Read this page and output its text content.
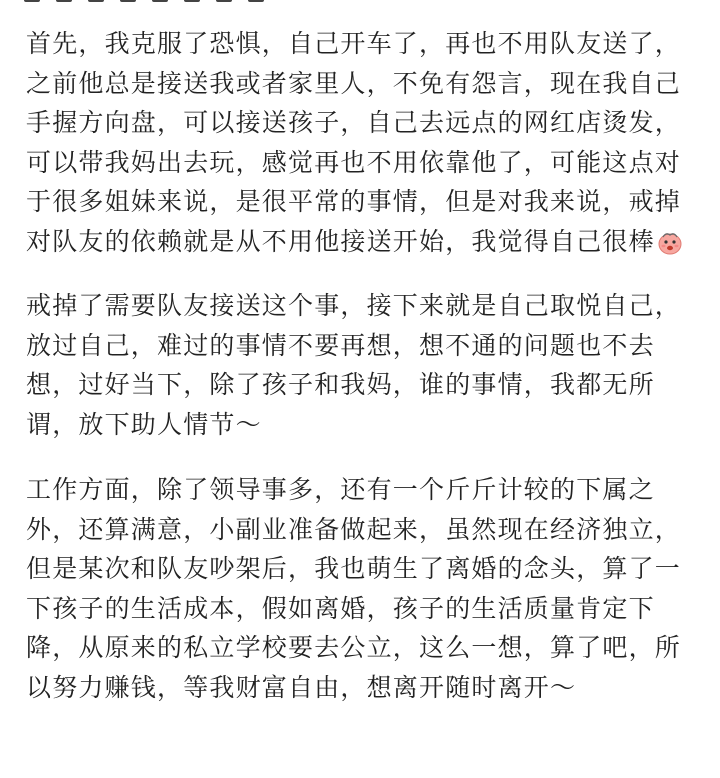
首先，我克服了恐惧，自己开车了，再也不用队友送了，之前他总是接送我或者家里人，不免有怨言，现在我自己手握方向盘，可以接送孩子，自己去远点的网红店烫发，可以带我妈出去玩，感觉再也不用依靠他了，可能这点对于很多姐妹来说，是很平常的事情，但是对我来说，戒掉对队友的依赖就是从不用他接送开始，我觉得自己很棒

戒掉了需要队友接送这个事，接下来就是自己取悦自己，放过自己，难过的事情不要再想，想不通的问题也不去想，过好当下，除了孩子和我妈，谁的事情，我都无所谓，放下助人情节～

工作方面，除了领导事多，还有一个斤斤计较的下属之外，还算满意，小副业准备做起来，虽然现在经济独立，但是某次和队友吵架后，我也萌生了离婚的念头，算了一下孩子的生活成本，假如离婚，孩子的生活质量肯定下降，从原来的私立学校要去公立，这么一想，算了吧，所以努力赚钱，等我财富自由，想离开随时离开～
